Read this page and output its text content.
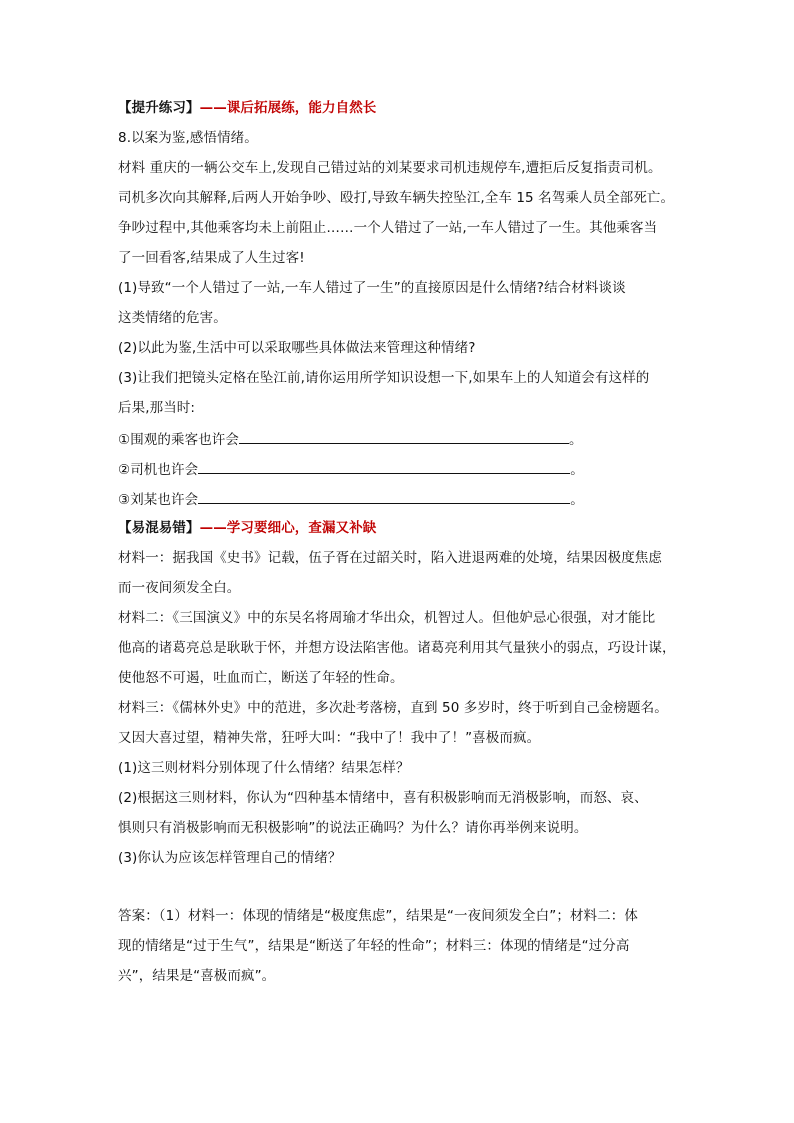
【提升练习】——课后拓展练，能力自然长
8.以案为鉴,感悟情绪。
材料 重庆的一辆公交车上,发现自己错过站的刘某要求司机违规停车,遭拒后反复指责司机。
司机多次向其解释,后两人开始争吵、殴打,导致车辆失控坠江,全车 15 名驾乘人员全部死亡。
争吵过程中,其他乘客均未上前阻止……一个人错过了一站,一车人错过了一生。其他乘客当
了一回看客,结果成了人生过客!
(1)导致“一个人错过了一站,一车人错过了一生”的直接原因是什么情绪?结合材料谈谈
这类情绪的危害。
(2)以此为鉴,生活中可以采取哪些具体做法来管理这种情绪?
(3)让我们把镜头定格在坠江前,请你运用所学知识设想一下,如果车上的人知道会有这样的
后果,那当时:
①围观的乘客也许会	。
②司机也许会	。
③刘某也许会	。
【易混易错】——学习要细心，查漏又补缺
材料一：据我国《史书》记载，伍子胥在过韶关时，陷入进退两难的处境，结果因极度焦虑
而一夜间须发全白。
材料二：《三国演义》中的东吴名将周瑜才华出众，机智过人。但他妒忌心很强，对才能比
他高的诸葛亮总是耿耿于怀，并想方设法陷害他。诸葛亮利用其气量狭小的弱点，巧设计谋，
使他怒不可遏，吐血而亡，断送了年轻的性命。
材料三：《儒林外史》中的范进，多次赴考落榜，直到 50 多岁时，终于听到自己金榜题名。
又因大喜过望，精神失常，狂呼大叫：“我中了！我中了！”喜极而疯。
(1)这三则材料分别体现了什么情绪？结果怎样？
(2)根据这三则材料，你认为“四种基本情绪中，喜有积极影响而无消极影响，而怒、哀、
惧则只有消极影响而无积极影响”的说法正确吗？为什么？请你再举例来说明。
(3)你认为应该怎样管理自己的情绪？
答案：（1）材料一：体现的情绪是“极度焦虑”，结果是“一夜间须发全白”；材料二：体
现的情绪是“过于生气”，结果是“断送了年轻的性命”；材料三：体现的情绪是“过分高
兴”，结果是“喜极而疯”。
